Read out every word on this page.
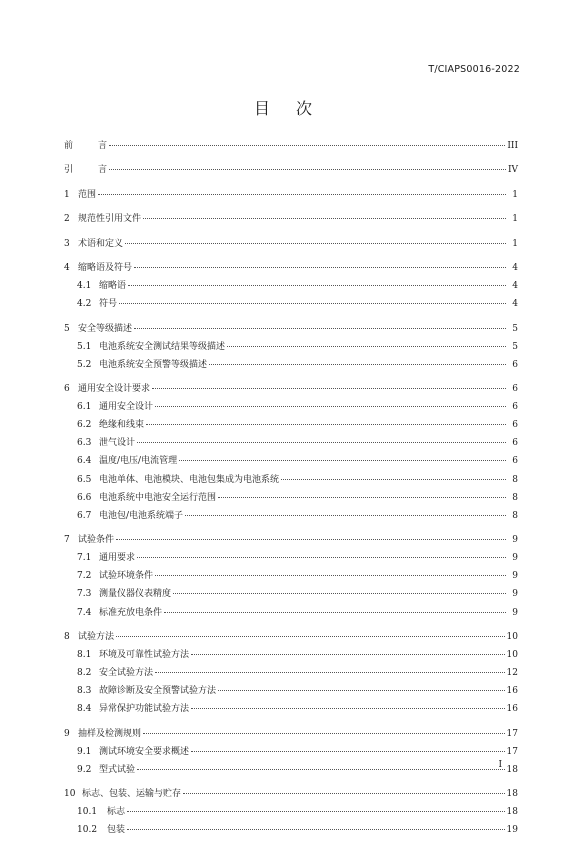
T/CIAPS0016-2022
目次
前	言	III
引	言	IV
1 范围	1
2 规范性引用文件	1
3 术语和定义	1
4 缩略语及符号	4
4.1 缩略语	4
4.2 符号	4
5 安全等级描述	5
5.1 电池系统安全测试结果等级描述	5
5.2 电池系统安全预警等级描述	6
6 通用安全设计要求	6
6.1 通用安全设计	6
6.2 绝缘和线束	6
6.3 泄气设计	6
6.4 温度/电压/电流管理	6
6.5 电池单体、电池模块、电池包集成为电池系统	8
6.6 电池系统中电池安全运行范围	8
6.7 电池包/电池系统端子	8
7 试验条件	9
7.1 通用要求	9
7.2 试验环境条件	9
7.3 测量仪器仪表精度	9
7.4 标准充放电条件	9
8 试验方法	10
8.1 环境及可靠性试验方法	10
8.2 安全试验方法	12
8.3 故障诊断及安全预警试验方法	16
8.4 异常保护功能试验方法	16
9 抽样及检测规则	17
9.1 测试环境安全要求概述	17
9.2 型式试验	18
10 标志、包装、运输与贮存	18
10.1	标志	18
10.2	包装	19
I
